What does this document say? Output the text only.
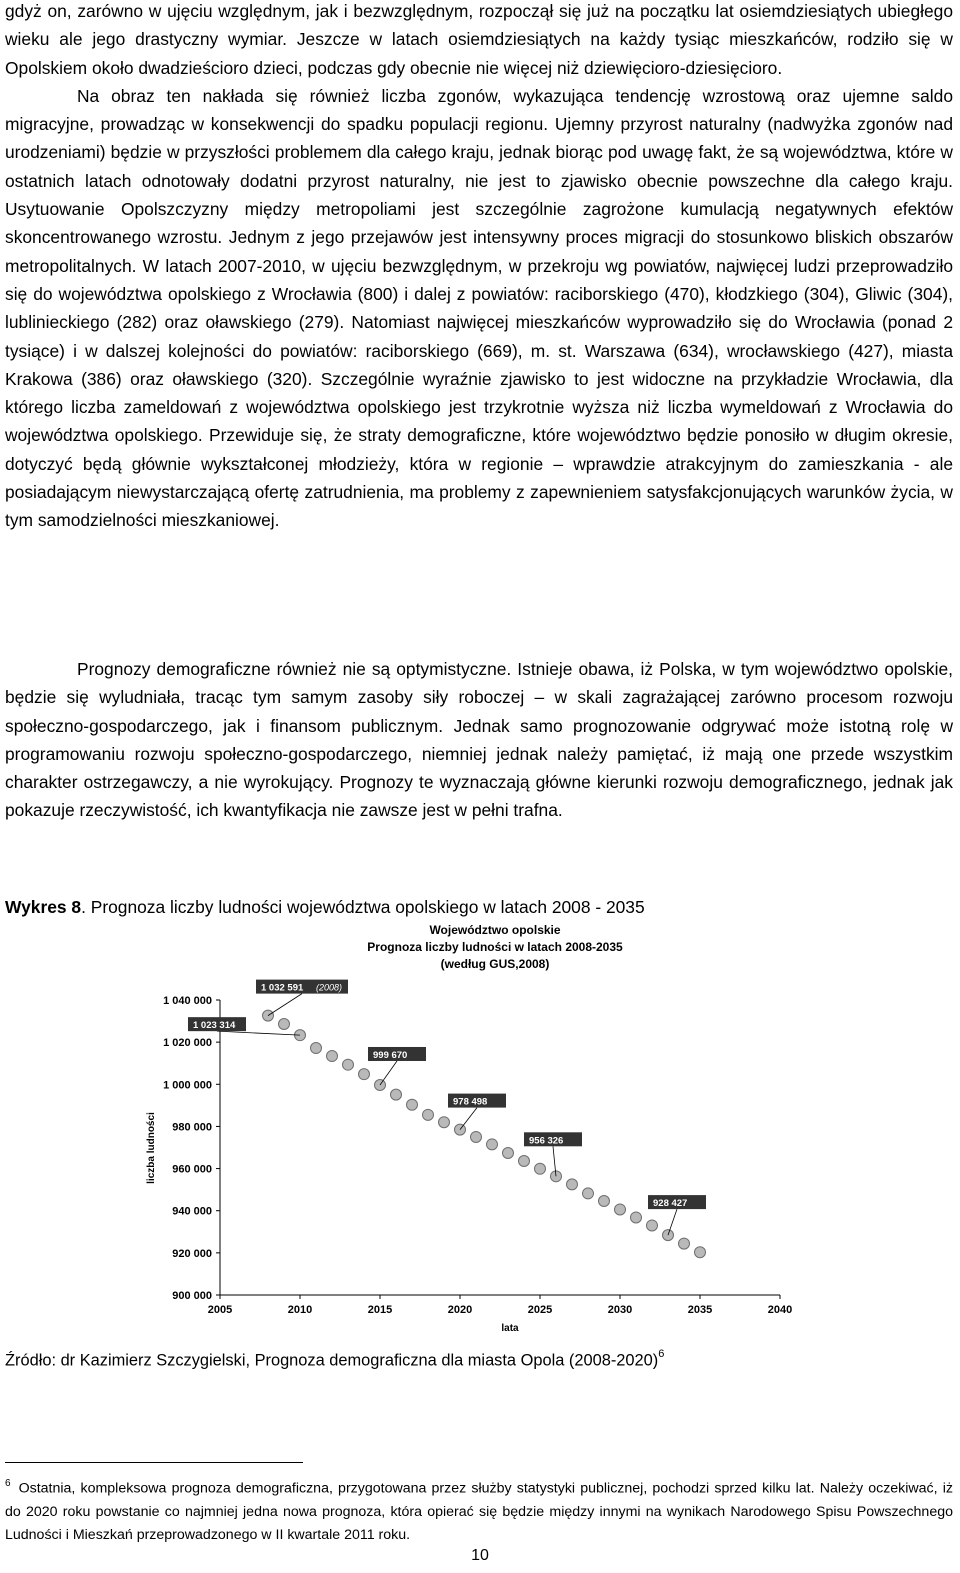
gdyż on, zarówno w ujęciu względnym, jak i bezwzględnym, rozpoczął się już na początku lat osiemdziesiątych ubiegłego wieku ale jego drastyczny wymiar. Jeszcze w latach osiemdziesiątych na każdy tysiąc mieszkańców, rodziło się w Opolskiem około dwadzieścioro dzieci, podczas gdy obecnie nie więcej niż dziewięcioro-dziesięcioro.
Na obraz ten nakłada się również liczba zgonów, wykazująca tendencję wzrostową oraz ujemne saldo migracyjne, prowadząc w konsekwencji do spadku populacji regionu. Ujemny przyrost naturalny (nadwyżka zgonów nad urodzeniami) będzie w przyszłości problemem dla całego kraju, jednak biorąc pod uwagę fakt, że są województwa, które w ostatnich latach odnotowały dodatni przyrost naturalny, nie jest to zjawisko obecnie powszechne dla całego kraju. Usytuowanie Opolszczyzny między metropoliami jest szczególnie zagrożone kumulacją negatywnych efektów skoncentrowanego wzrostu. Jednym z jego przejawów jest intensywny proces migracji do stosunkowo bliskich obszarów metropolitalnych. W latach 2007-2010, w ujęciu bezwzględnym, w przekroju wg powiatów, najwięcej ludzi przeprowadziło się do województwa opolskiego z Wrocławia (800) i dalej z powiatów: raciborskiego (470), kłodzkiego (304), Gliwic (304), lublinieckiego (282) oraz oławskiego (279). Natomiast najwięcej mieszkańców wyprowadziło się do Wrocławia (ponad 2 tysiące) i w dalszej kolejności do powiatów: raciborskiego (669), m. st. Warszawa (634), wrocławskiego (427), miasta Krakowa (386) oraz oławskiego (320). Szczególnie wyraźnie zjawisko to jest widoczne na przykładzie Wrocławia, dla którego liczba zameldowań z województwa opolskiego jest trzykrotnie wyższa niż liczba wymeldowań z Wrocławia do województwa opolskiego. Przewiduje się, że straty demograficzne, które województwo będzie ponosiło w długim okresie, dotyczyć będą głównie wykształconej młodzieży, która w regionie – wprawdzie atrakcyjnym do zamieszkania - ale posiadającym niewystarczającą ofertę zatrudnienia, ma problemy z zapewnieniem satysfakcjonujących warunków życia, w tym samodzielności mieszkaniowej.

Prognozy demograficzne również nie są optymistyczne. Istnieje obawa, iż Polska, w tym województwo opolskie, będzie się wyludniała, tracąc tym samym zasoby siły roboczej – w skali zagrażającej zarówno procesom rozwoju społeczno-gospodarczego, jak i finansom publicznym. Jednak samo prognozowanie odgrywać może istotną rolę w programowaniu rozwoju społeczno-gospodarczego, niemniej jednak należy pamiętać, iż mają one przede wszystkim charakter ostrzegawczy, a nie wyrokujący. Prognozy te wyznaczają główne kierunki rozwoju demograficznego, jednak jak pokazuje rzeczywistość, ich kwantyfikacja nie zawsze jest w pełni trafna.

Wykres 8. Prognoza liczby ludności województwa opolskiego w latach 2008 - 2035

Województwo opolskie
Prognoza liczby ludności w latach 2008-2035
(według GUS,2008)
900 000
920 000
940 000
960 000
980 000
1 000 000
1 020 000
1 040 000
2005	2010	2015	2020	2025	2030	2035	2040
lata
liczba ludności
1 032 591 (2008)
1 023 314
999 670
978 498
956 326
928 427

Źródło: dr Kazimierz Szczygielski, Prognoza demograficzna dla miasta Opola (2008-2020)$^6$

$^6$ Ostatnia, kompleksowa prognoza demograficzna, przygotowana przez służby statystyki publicznej, pochodzi sprzed kilku lat. Należy oczekiwać, iż do 2020 roku powstanie co najmniej jedna nowa prognoza, która opierać się będzie między innymi na wynikach Narodowego Spisu Powszechnego Ludności i Mieszkań przeprowadzonego w II kwartale 2011 roku.

10
